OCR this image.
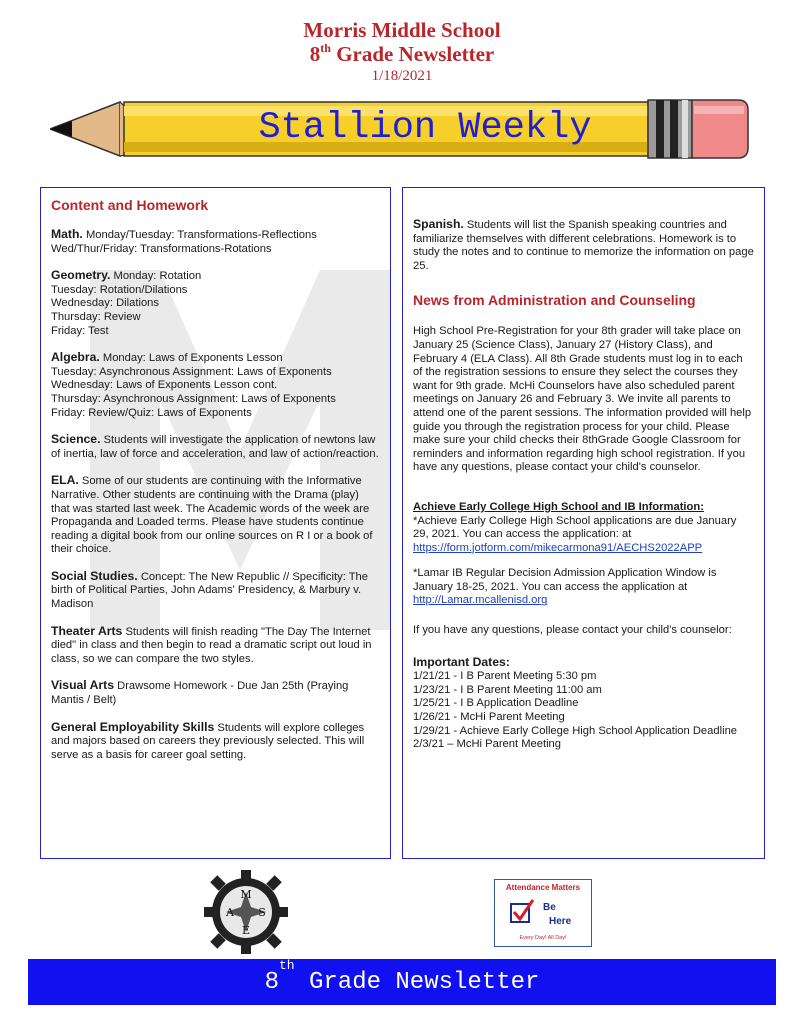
Morris Middle School
8th Grade Newsletter
1/18/2021
Stallion Weekly
Content and Homework
Math. Monday/Tuesday: Transformations-Reflections
Wed/Thur/Friday: Transformations-Rotations
Geometry. Monday: Rotation
Tuesday: Rotation/Dilations
Wednesday: Dilations
Thursday: Review
Friday: Test
Algebra. Monday: Laws of Exponents Lesson
Tuesday: Asynchronous Assignment: Laws of Exponents
Wednesday: Laws of Exponents Lesson cont.
Thursday: Asynchronous Assignment: Laws of Exponents
Friday: Review/Quiz: Laws of Exponents
Science. Students will investigate the application of newtons law of inertia, law of force and acceleration, and law of action/reaction.
ELA. Some of our students are continuing with the Informative Narrative. Other students are continuing with the Drama (play) that was started last week. The Academic words of the week are Propaganda and Loaded terms. Please have students continue reading a digital book from our online sources on R I or a book of their choice.
Social Studies. Concept: The New Republic // Specificity: The birth of Political Parties, John Adams' Presidency, & Marbury v. Madison
Theater Arts Students will finish reading "The Day The Internet died" in class and then begin to read a dramatic script out loud in class, so we can compare the two styles.
Visual Arts Drawsome Homework - Due Jan 25th (Praying Mantis / Belt)
General Employability Skills Students will explore colleges and majors based on careers they previously selected. This will serve as a basis for career goal setting.
Spanish. Students will list the Spanish speaking countries and familiarize themselves with different celebrations. Homework is to study the notes and to continue to memorize the information on page 25.
News from Administration and Counseling
High School Pre-Registration for your 8th grader will take place on January 25 (Science Class), January 27 (History Class), and February 4 (ELA Class). All 8th Grade students must log in to each of the registration sessions to ensure they select the courses they want for 9th grade. McHi Counselors have also scheduled parent meetings on January 26 and February 3. We invite all parents to attend one of the parent sessions. The information provided will help guide you through the registration process for your child. Please make sure your child checks their 8thGrade Google Classroom for reminders and information regarding high school registration. If you have any questions, please contact your child's counselor.
Achieve Early College High School and IB Information:
*Achieve Early College High School applications are due January 29, 2021. You can access the application: at
https://form.jotform.com/mikecarmona91/AECHS2022APP
*Lamar IB Regular Decision Admission Application Window is January 18-25, 2021. You can access the application at
http://Lamar.mcallenisd.org
If you have any questions, please contact your child's counselor:
Important Dates:
1/21/21 - I B Parent Meeting 5:30 pm
1/23/21 - I B Parent Meeting 11:00 am
1/25/21 - I B Application Deadline
1/26/21 - McHi Parent Meeting
1/29/21 - Achieve Early College High School Application Deadline
2/3/21 – McHi Parent Meeting
M
S
A
E
Attendance Matters
Be
Here
Every Day! All Day!
8th Grade Newsletter
